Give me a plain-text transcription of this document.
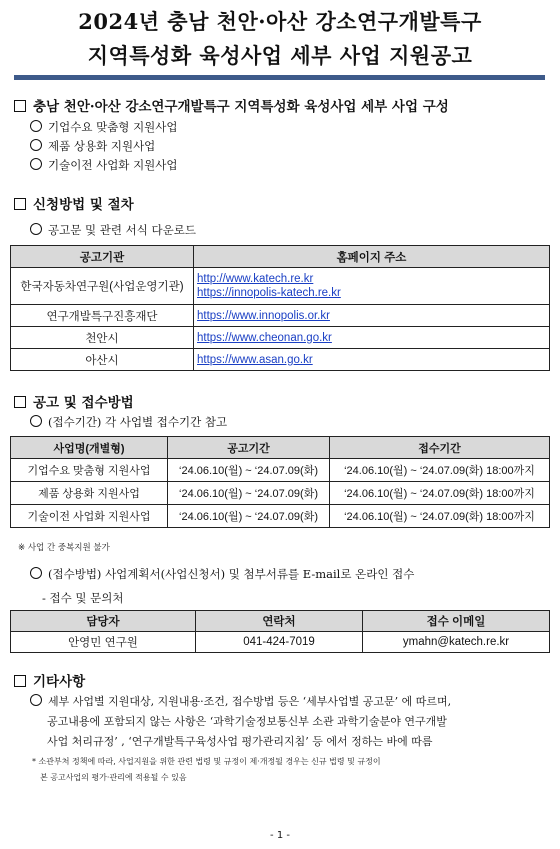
2024년 충남 천안·아산 강소연구개발특구
지역특성화 육성사업 세부 사업 지원공고
충남 천안·아산 강소연구개발특구 지역특성화 육성사업 세부 사업 구성
기업수요 맞춤형 지원사업
제품 상용화 지원사업
기술이전 사업화 지원사업
신청방법 및 절차
공고문 및 관련 서식 다운로드
공고기관	홈페이지 주소
한국자동차연구원(사업운영기관)	http://www.katech.re.kr
https://innopolis-katech.re.kr
연구개발특구진흥재단	https://www.innopolis.or.kr
천안시	https://www.cheonan.go.kr
아산시	https://www.asan.go.kr
공고 및 접수방법
(접수기간) 각 사업별 접수기간 참고
사업명(개별형)	공고기간	접수기간
기업수요 맞춤형 지원사업	‘24.06.10(월) ~ ‘24.07.09(화)	‘24.06.10(월) ~ ‘24.07.09(화) 18:00까지
제품 상용화 지원사업	‘24.06.10(월) ~ ‘24.07.09(화)	‘24.06.10(월) ~ ‘24.07.09(화) 18:00까지
기술이전 사업화 지원사업	‘24.06.10(월) ~ ‘24.07.09(화)	‘24.06.10(월) ~ ‘24.07.09(화) 18:00까지
※ 사업 간 중복지원 불가
(접수방법) 사업계획서(사업신청서) 및 첨부서류를 E-mail로 온라인 접수
- 접수 및 문의처
담당자	연락처	접수 이메일
안영민 연구원	041-424-7019	ymahn@katech.re.kr
기타사항
세부 사업별 지원대상, 지원내용·조건, 접수방법 등은 ‘세부사업별 공고문’ 에 따르며,
공고내용에 포함되지 않는 사항은 ‘과학기술정보통신부 소관 과학기술분야 연구개발
사업 처리규정’ , ‘연구개발특구육성사업 평가관리지침’ 등 에서 정하는 바에 따름
* 소관부처 정책에 따라, 사업지원을 위한 관련 법령 및 규정이 제·개정될 경우는 신규 법령 및 규정이
본 공고사업의 평가·관리에 적용될 수 있음
- 1 -
